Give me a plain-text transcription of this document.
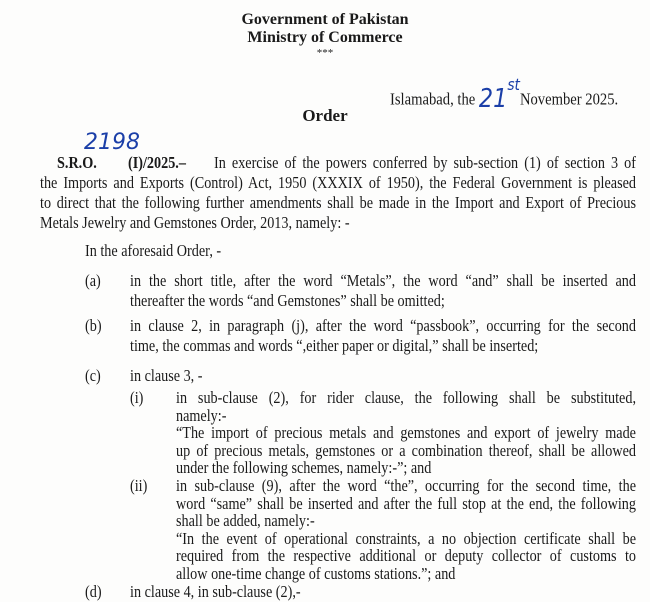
Government of Pakistan
Ministry of Commerce
***
Islamabad, the 21stNovember 2025.
Order
2198
S.R.O. (I)/2025.– In exercise of the powers conferred by sub-section (1) of section 3 of
the Imports and Exports (Control) Act, 1950 (XXXIX of 1950), the Federal Government is pleased
to direct that the following further amendments shall be made in the Import and Export of Precious
Metals Jewelry and Gemstones Order, 2013, namely: -
In the aforesaid Order, -
(a) in the short title, after the word “Metals”, the word “and” shall be inserted and
thereafter the words “and Gemstones” shall be omitted;
(b) in clause 2, in paragraph (j), after the word “passbook”, occurring for the second
time, the commas and words “,either paper or digital,” shall be inserted;
(c) in clause 3, -
(i) in sub-clause (2), for rider clause, the following shall be substituted,
namely:-
“The import of precious metals and gemstones and export of jewelry made
up of precious metals, gemstones or a combination thereof, shall be allowed
under the following schemes, namely:-”; and
(ii) in sub-clause (9), after the word “the”, occurring for the second time, the
word “same” shall be inserted and after the full stop at the end, the following
shall be added, namely:-
“In the event of operational constraints, a no objection certificate shall be
required from the respective additional or deputy collector of customs to
allow one-time change of customs stations.”; and
(d) in clause 4, in sub-clause (2),-
